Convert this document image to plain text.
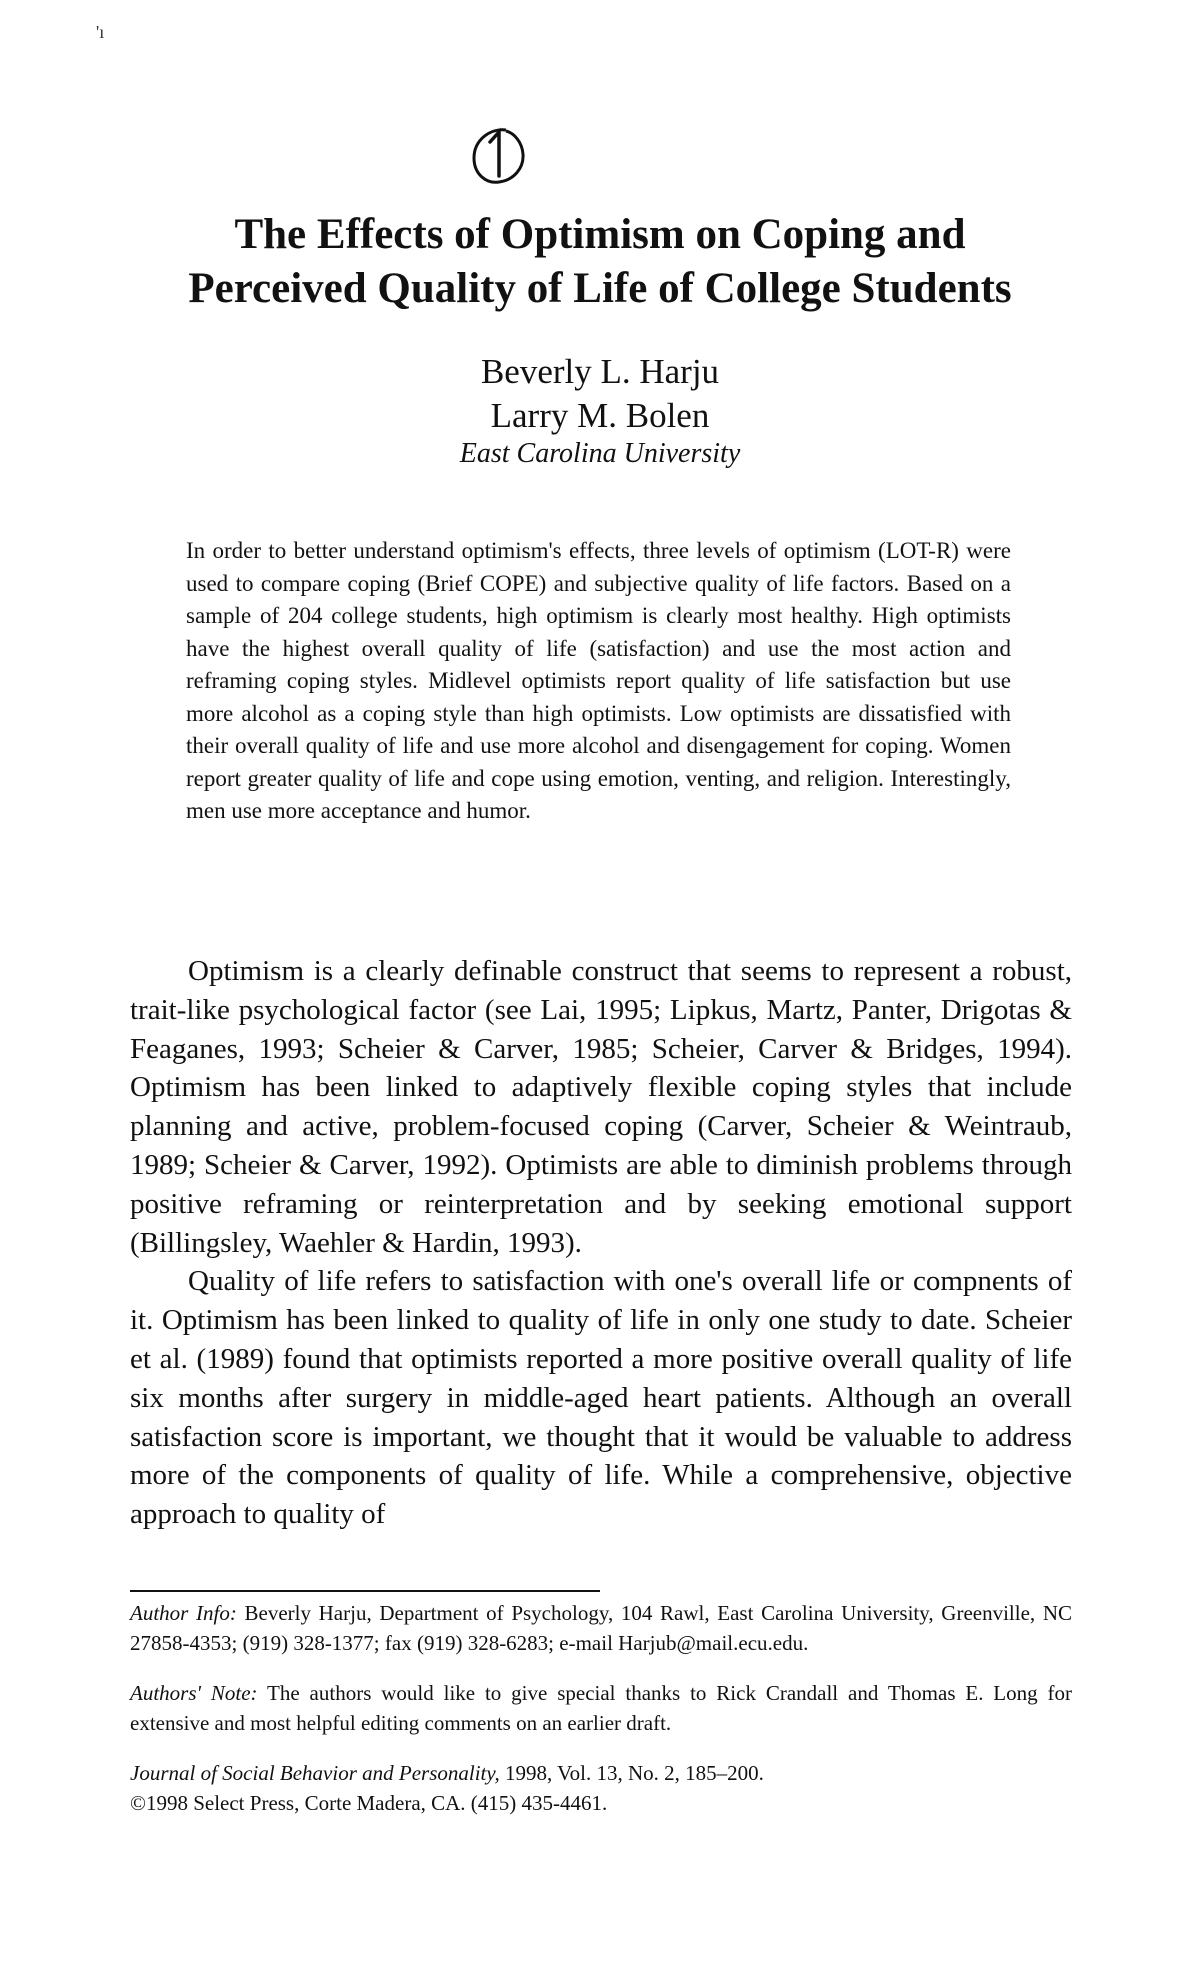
'ı
The Effects of Optimism on Coping and
Perceived Quality of Life of College Students
Beverly L. Harju
Larry M. Bolen
East Carolina University

In order to better understand optimism's effects, three levels of optimism (LOT-R) were used to compare coping (Brief COPE) and subjective quality of life factors. Based on a sample of 204 college students, high optimism is clearly most healthy. High optimists have the highest overall quality of life (satisfaction) and use the most action and reframing coping styles. Midlevel optimists report quality of life satisfaction but use more alcohol as a coping style than high optimists. Low optimists are dissatisfied with their overall quality of life and use more alcohol and disengagement for coping. Women report greater quality of life and cope using emotion, venting, and religion. Interestingly, men use more acceptance and humor.

Optimism is a clearly definable construct that seems to represent a robust, trait-like psychological factor (see Lai, 1995; Lipkus, Martz, Panter, Drigotas & Feaganes, 1993; Scheier & Carver, 1985; Scheier, Carver & Bridges, 1994). Optimism has been linked to adaptively flexible coping styles that include planning and active, problem-focused coping (Carver, Scheier & Weintraub, 1989; Scheier & Carver, 1992). Optimists are able to diminish problems through positive reframing or reinterpretation and by seeking emotional support (Billingsley, Waehler & Hardin, 1993).

Quality of life refers to satisfaction with one's overall life or compnents of it. Optimism has been linked to quality of life in only one study to date. Scheier et al. (1989) found that optimists reported a more positive overall quality of life six months after surgery in middle-aged heart patients. Although an overall satisfaction score is important, we thought that it would be valuable to address more of the components of quality of life. While a comprehensive, objective approach to quality of

Author Info: Beverly Harju, Department of Psychology, 104 Rawl, East Carolina University, Greenville, NC 27858-4353; (919) 328-1377; fax (919) 328-6283; e-mail Harjub@mail.ecu.edu.

Authors' Note: The authors would like to give special thanks to Rick Crandall and Thomas E. Long for extensive and most helpful editing comments on an earlier draft.

Journal of Social Behavior and Personality, 1998, Vol. 13, No. 2, 185–200.

©1998 Select Press, Corte Madera, CA. (415) 435-4461.
